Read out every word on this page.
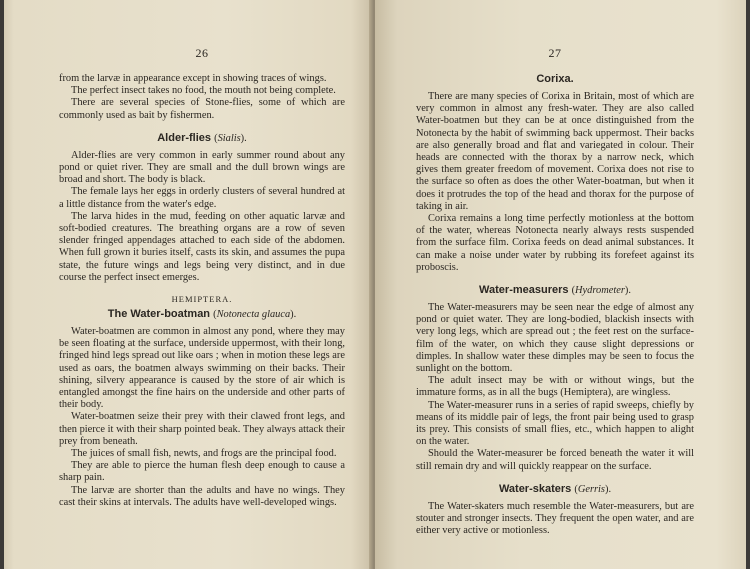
26

from the larvæ in appearance except in showing traces of wings.

The perfect insect takes no food, the mouth not being complete.

There are several species of Stone-flies, some of which are commonly used as bait by fishermen.

Alder-flies (Sialis).

Alder-flies are very common in early summer round about any pond or quiet river. They are small and the dull brown wings are broad and short. The body is black.

The female lays her eggs in orderly clusters of several hundred at a little distance from the water's edge.

The larva hides in the mud, feeding on other aquatic larvæ and soft-bodied creatures. The breathing organs are a row of seven slender fringed appendages attached to each side of the abdomen. When full grown it buries itself, casts its skin, and assumes the pupa state, the future wings and legs being very distinct, and in due course the perfect insect emerges.

HEMIPTERA.
The Water-boatman (Notonecta glauca).

Water-boatmen are common in almost any pond, where they may be seen floating at the surface, underside uppermost, with their long, fringed hind legs spread out like oars ; when in motion these legs are used as oars, the boatmen always swimming on their backs. Their shining, silvery appearance is caused by the store of air which is entangled amongst the fine hairs on the underside and other parts of their body.

Water-boatmen seize their prey with their clawed front legs, and then pierce it with their sharp pointed beak. They always attack their prey from beneath.

The juices of small fish, newts, and frogs are the principal food.

They are able to pierce the human flesh deep enough to cause a sharp pain.

The larvæ are shorter than the adults and have no wings. They cast their skins at intervals. The adults have well-developed wings.

27
Corixa.

There are many species of Corixa in Britain, most of which are very common in almost any fresh-water. They are also called Water-boatmen but they can be at once distinguished from the Notonecta by the habit of swimming back uppermost. Their backs are also generally broad and flat and variegated in colour. Their heads are connected with the thorax by a narrow neck, which gives them greater freedom of movement. Corixa does not rise to the surface so often as does the other Water-boatman, but when it does it protrudes the top of the head and thorax for the purpose of taking in air.

Corixa remains a long time perfectly motionless at the bottom of the water, whereas Notonecta nearly always rests suspended from the surface film. Corixa feeds on dead animal substances. It can make a noise under water by rubbing its forefeet against its proboscis.

Water-measurers (Hydrometer).

The Water-measurers may be seen near the edge of almost any pond or quiet water. They are long-bodied, blackish insects with very long legs, which are spread out ; the feet rest on the surface-film of the water, on which they cause slight depressions or dimples. In shallow water these dimples may be seen to focus the sunlight on the bottom.

The adult insect may be with or without wings, but the immature forms, as in all the bugs (Hemiptera), are wingless.

The Water-measurer runs in a series of rapid sweeps, chiefly by means of its middle pair of legs, the front pair being used to grasp its prey. This consists of small flies, etc., which happen to alight on the water.

Should the Water-measurer be forced beneath the water it will still remain dry and will quickly reappear on the surface.

Water-skaters (Gerris).

The Water-skaters much resemble the Water-measurers, but are stouter and stronger insects. They frequent the open water, and are either very active or motionless.
